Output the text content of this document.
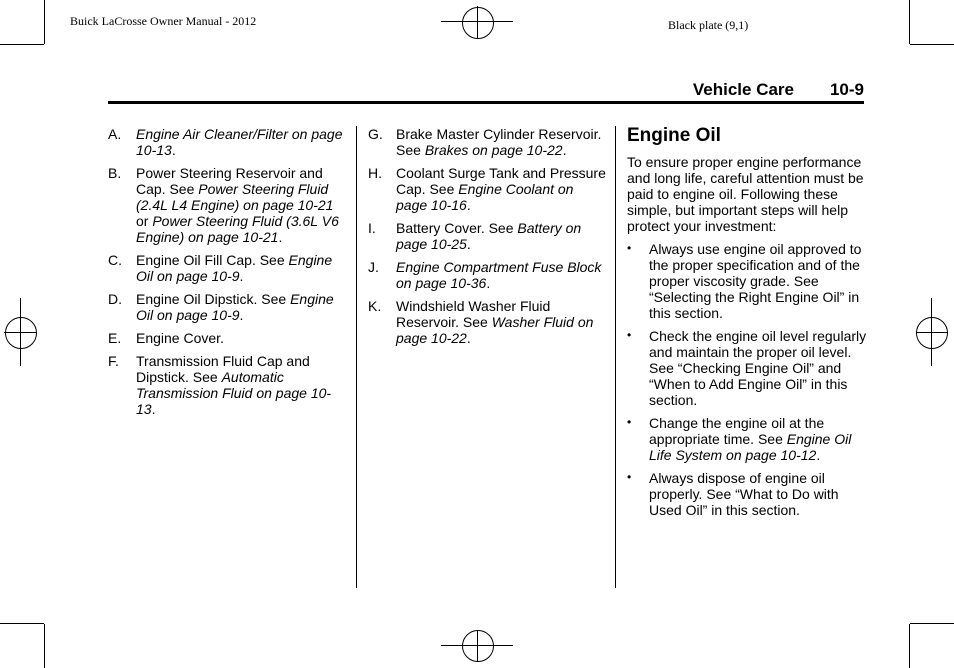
Buick LaCrosse Owner Manual - 2012	Black plate (9,1)
Vehicle Care 10-9
A. Engine Air Cleaner/Filter on page 10-13.
B. Power Steering Reservoir and Cap. See Power Steering Fluid (2.4L L4 Engine) on page 10-21 or Power Steering Fluid (3.6L V6 Engine) on page 10-21.
C. Engine Oil Fill Cap. See Engine Oil on page 10-9.
D. Engine Oil Dipstick. See Engine Oil on page 10-9.
E. Engine Cover.
F. Transmission Fluid Cap and Dipstick. See Automatic Transmission Fluid on page 10-13.
G. Brake Master Cylinder Reservoir. See Brakes on page 10-22.
H. Coolant Surge Tank and Pressure Cap. See Engine Coolant on page 10-16.
I. Battery Cover. See Battery on page 10-25.
J. Engine Compartment Fuse Block on page 10-36.
K. Windshield Washer Fluid Reservoir. See Washer Fluid on page 10-22.
Engine Oil
To ensure proper engine performance and long life, careful attention must be paid to engine oil. Following these simple, but important steps will help protect your investment:
• Always use engine oil approved to the proper specification and of the proper viscosity grade. See “Selecting the Right Engine Oil” in this section.
• Check the engine oil level regularly and maintain the proper oil level. See “Checking Engine Oil” and “When to Add Engine Oil” in this section.
• Change the engine oil at the appropriate time. See Engine Oil Life System on page 10-12.
• Always dispose of engine oil properly. See “What to Do with Used Oil” in this section.
